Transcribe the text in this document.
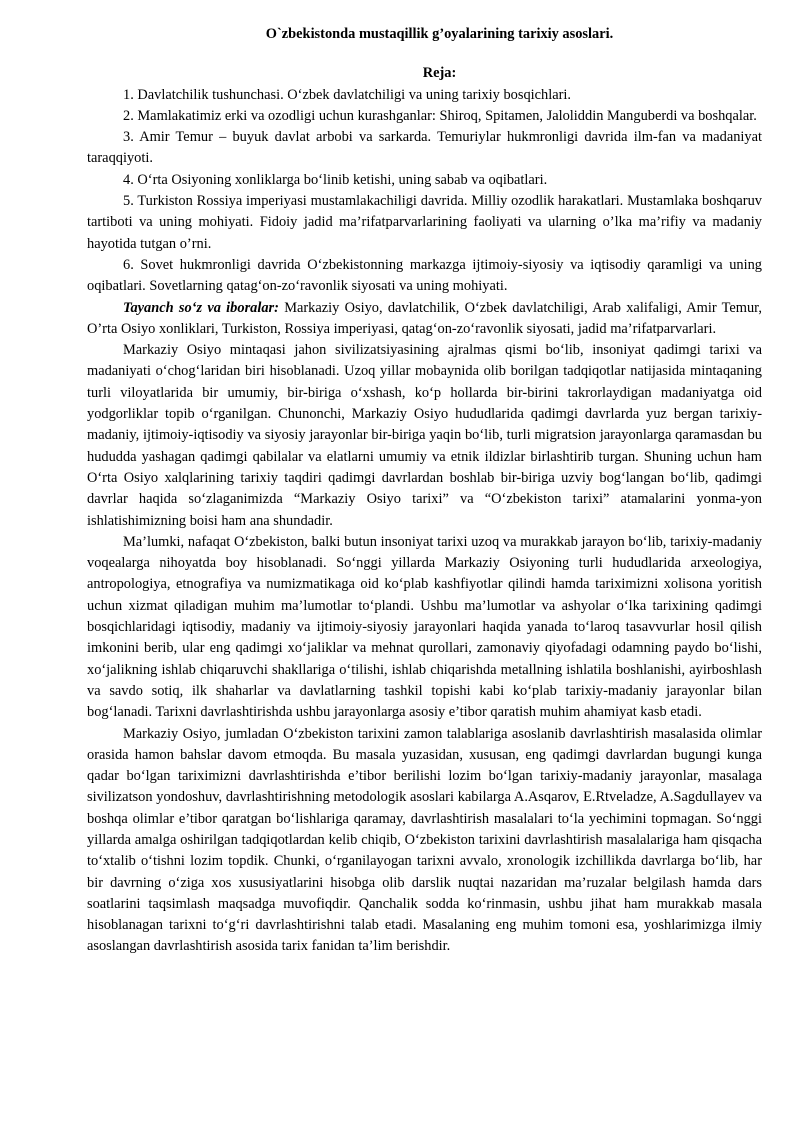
O`zbekistonda mustaqillik g’oyalarining tarixiy asoslari.
Reja:

1. Davlatchilik tushunchasi. O‘zbek davlatchiligi va uning tarixiy bosqichlari.

2. Mamlakatimiz erki va ozodligi uchun kurashganlar: Shiroq, Spitamen, Jaloliddin Manguberdi va boshqalar.

3. Amir Temur – buyuk davlat arbobi va sarkarda. Temuriylar hukmronligi davrida ilm-fan va madaniyat taraqqiyoti.

4. O‘rta Osiyoning xonliklarga bo‘linib ketishi, uning sabab va oqibatlari.

5. Turkiston Rossiya imperiyasi mustamlakachiligi davrida. Milliy ozodlik harakatlari. Mustamlaka boshqaruv tartiboti va uning mohiyati. Fidoiy jadid ma’rifatparvarlarining faoliyati va ularning o’lka ma’rifiy va madaniy hayotida tutgan o’rni.

6. Sovet hukmronligi davrida O‘zbekistonning markazga ijtimoiy-siyosiy va iqtisodiy qaramligi va uning oqibatlari. Sovetlarning qatag‘on-zo‘ravonlik siyosati va uning mohiyati.

Tayanch so‘z va iboralar: Markaziy Osiyo, davlatchilik, O‘zbek davlatchiligi, Arab xalifaligi, Amir Temur, O’rta Osiyo xonliklari, Turkiston, Rossiya imperiyasi, qatag‘on-zo‘ravonlik siyosati, jadid ma’rifatparvarlari.

Markaziy Osiyo mintaqasi jahon sivilizatsiyasining ajralmas qismi bo‘lib, insoniyat qadimgi tarixi va madaniyati o‘chog‘laridan biri hisoblanadi. Uzoq yillar mobaynida olib borilgan tadqiqotlar natijasida mintaqaning turli viloyatlarida bir umumiy, bir-biriga o‘xshash, ko‘p hollarda bir-birini takrorlaydigan madaniyatga oid yodgorliklar topib o‘rganilgan. Chunonchi, Markaziy Osiyo hududlarida qadimgi davrlarda yuz bergan tarixiy-madaniy, ijtimoiy-iqtisodiy va siyosiy jarayonlar bir-biriga yaqin bo‘lib, turli migratsion jarayonlarga qaramasdan bu hududda yashagan qadimgi qabilalar va elatlarni umumiy va etnik ildizlar birlashtirib turgan. Shuning uchun ham O‘rta Osiyo xalqlarining tarixiy taqdiri qadimgi davrlardan boshlab bir-biriga uzviy bog‘langan bo‘lib, qadimgi davrlar haqida so‘zlaganimizda “Markaziy Osiyo tarixi” va “O‘zbekiston tarixi” atamalarini yonma-yon ishlatishimizning boisi ham ana shundadir.

Ma’lumki, nafaqat O‘zbekiston, balki butun insoniyat tarixi uzoq va murakkab jarayon bo‘lib, tarixiy-madaniy voqealarga nihoyatda boy hisoblanadi. So‘nggi yillarda Markaziy Osiyoning turli hududlarida arxeologiya, antropologiya, etnografiya va numizmatikaga oid ko‘plab kashfiyotlar qilindi hamda tariximizni xolisona yoritish uchun xizmat qiladigan muhim ma’lumotlar to‘plandi. Ushbu ma’lumotlar va ashyolar o‘lka tarixining qadimgi bosqichlaridagi iqtisodiy, madaniy va ijtimoiy-siyosiy jarayonlari haqida yanada to‘laroq tasavvurlar hosil qilish imkonini berib, ular eng qadimgi xo‘jaliklar va mehnat qurollari, zamonaviy qiyofadagi odamning paydo bo‘lishi, xo‘jalikning ishlab chiqaruvchi shakllariga o‘tilishi, ishlab chiqarishda metallning ishlatila boshlanishi, ayirboshlash va savdo sotiq, ilk shaharlar va davlatlarning tashkil topishi kabi ko‘plab tarixiy-madaniy jarayonlar bilan bog‘lanadi. Tarixni davrlashtirishda ushbu jarayonlarga asosiy e’tibor qaratish muhim ahamiyat kasb etadi.

Markaziy Osiyo, jumladan O‘zbekiston tarixini zamon talablariga asoslanib davrlashtirish masalasida olimlar orasida hamon bahslar davom etmoqda. Bu masala yuzasidan, xususan, eng qadimgi davrlardan bugungi kunga qadar bo‘lgan tariximizni davrlashtirishda e’tibor berilishi lozim bo‘lgan tarixiy-madaniy jarayonlar, masalaga sivilizatson yondoshuv, davrlashtirishning metodologik asoslari kabilarga A.Asqarov, E.Rtveladze, A.Sagdullayev va boshqa olimlar e’tibor qaratgan bo‘lishlariga qaramay, davrlashtirish masalalari to‘la yechimini topmagan. So‘nggi yillarda amalga oshirilgan tadqiqotlardan kelib chiqib, O‘zbekiston tarixini davrlashtirish masalalariga ham qisqacha to‘xtalib o‘tishni lozim topdik. Chunki, o‘rganilayogan tarixni avvalo, xronologik izchillikda davrlarga bo‘lib, har bir davrning o‘ziga xos xususiyatlarini hisobga olib darslik nuqtai nazaridan ma’ruzalar belgilash hamda dars soatlarini taqsimlash maqsadga muvofiqdir. Qanchalik sodda ko‘rinmasin, ushbu jihat ham murakkab masala hisoblanagan tarixni to‘g‘ri davrlashtirishni talab etadi. Masalaning eng muhim tomoni esa, yoshlarimizga ilmiy asoslangan davrlashtirish asosida tarix fanidan ta’lim berishdir.
